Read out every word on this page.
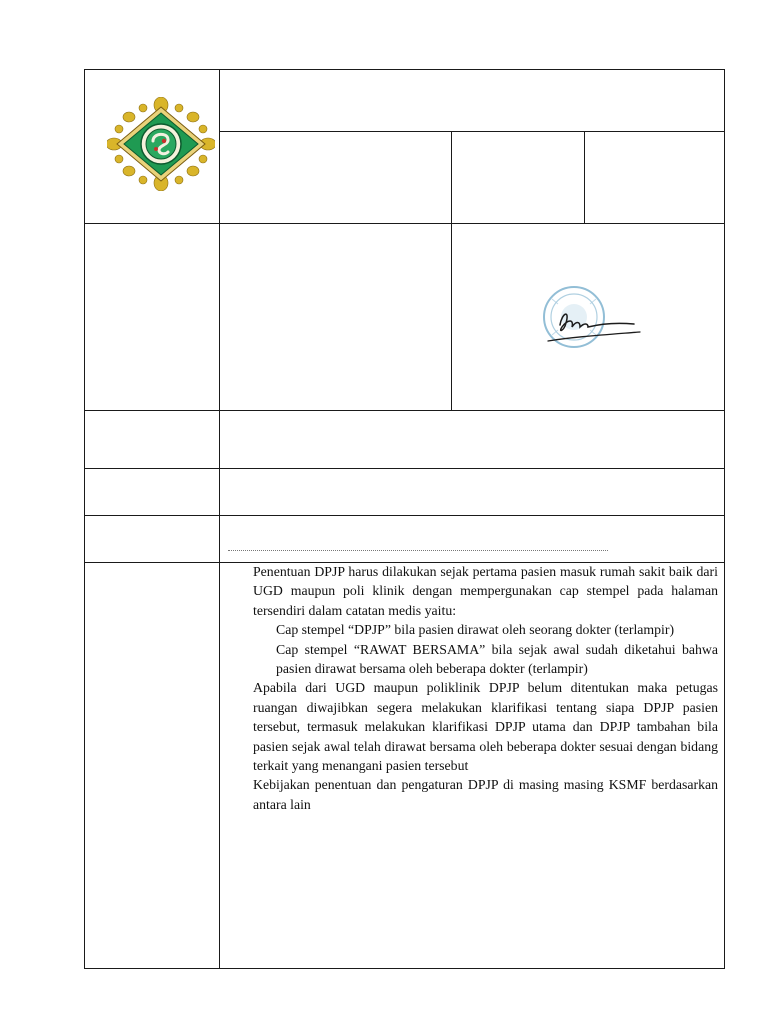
Penentuan DPJP harus dilakukan sejak pertama pasien masuk rumah sakit baik dari UGD maupun poli klinik dengan mempergunakan cap stempel pada halaman tersendiri dalam catatan medis yaitu:

Cap stempel “DPJP” bila pasien dirawat oleh seorang dokter (terlampir)

Cap stempel “RAWAT BERSAMA” bila sejak awal sudah diketahui bahwa pasien dirawat bersama oleh beberapa dokter (terlampir)

Apabila dari UGD maupun poliklinik DPJP belum ditentukan maka petugas ruangan diwajibkan segera melakukan klarifikasi tentang siapa DPJP pasien tersebut, termasuk melakukan klarifikasi DPJP utama dan DPJP tambahan bila pasien sejak awal telah dirawat bersama oleh beberapa dokter sesuai dengan bidang terkait yang menangani pasien tersebut

Kebijakan penentuan dan pengaturan DPJP di masing masing KSMF berdasarkan antara lain
